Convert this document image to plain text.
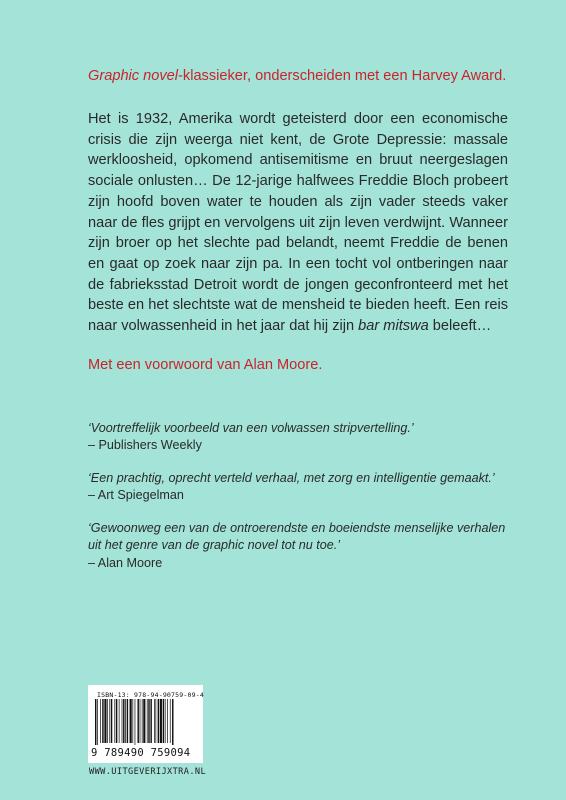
Graphic novel-klassieker, onderscheiden met een Harvey Award.

Het is 1932, Amerika wordt geteisterd door een economische crisis die zijn weerga niet kent, de Grote Depressie: massale werkloosheid, opkomend antisemitisme en bruut neergeslagen sociale onlusten… De 12-jarige halfwees Freddie Bloch probeert zijn hoofd boven water te houden als zijn vader steeds vaker naar de fles grijpt en vervolgens uit zijn leven verdwijnt. Wanneer zijn broer op het slechte pad belandt, neemt Freddie de benen en gaat op zoek naar zijn pa. In een tocht vol ontberingen naar de fabrieksstad Detroit wordt de jongen geconfronteerd met het beste en het slechtste wat de mensheid te bieden heeft. Een reis naar volwassenheid in het jaar dat hij zijn bar mitswa beleeft…

Met een voorwoord van Alan Moore.

‘Voortreffelijk voorbeeld van een volwassen stripvertelling.’
– Publishers Weekly

‘Een prachtig, oprecht verteld verhaal, met zorg en intelligentie gemaakt.’
– Art Spiegelman

‘Gewoonweg een van de ontroerendste en boeiendste menselijke verhalen uit het genre van de graphic novel tot nu toe.’
– Alan Moore

ISBN-13: 978-94-90759-09-4
9 789490 759094
WWW.UITGEVERIJXTRA.NL
